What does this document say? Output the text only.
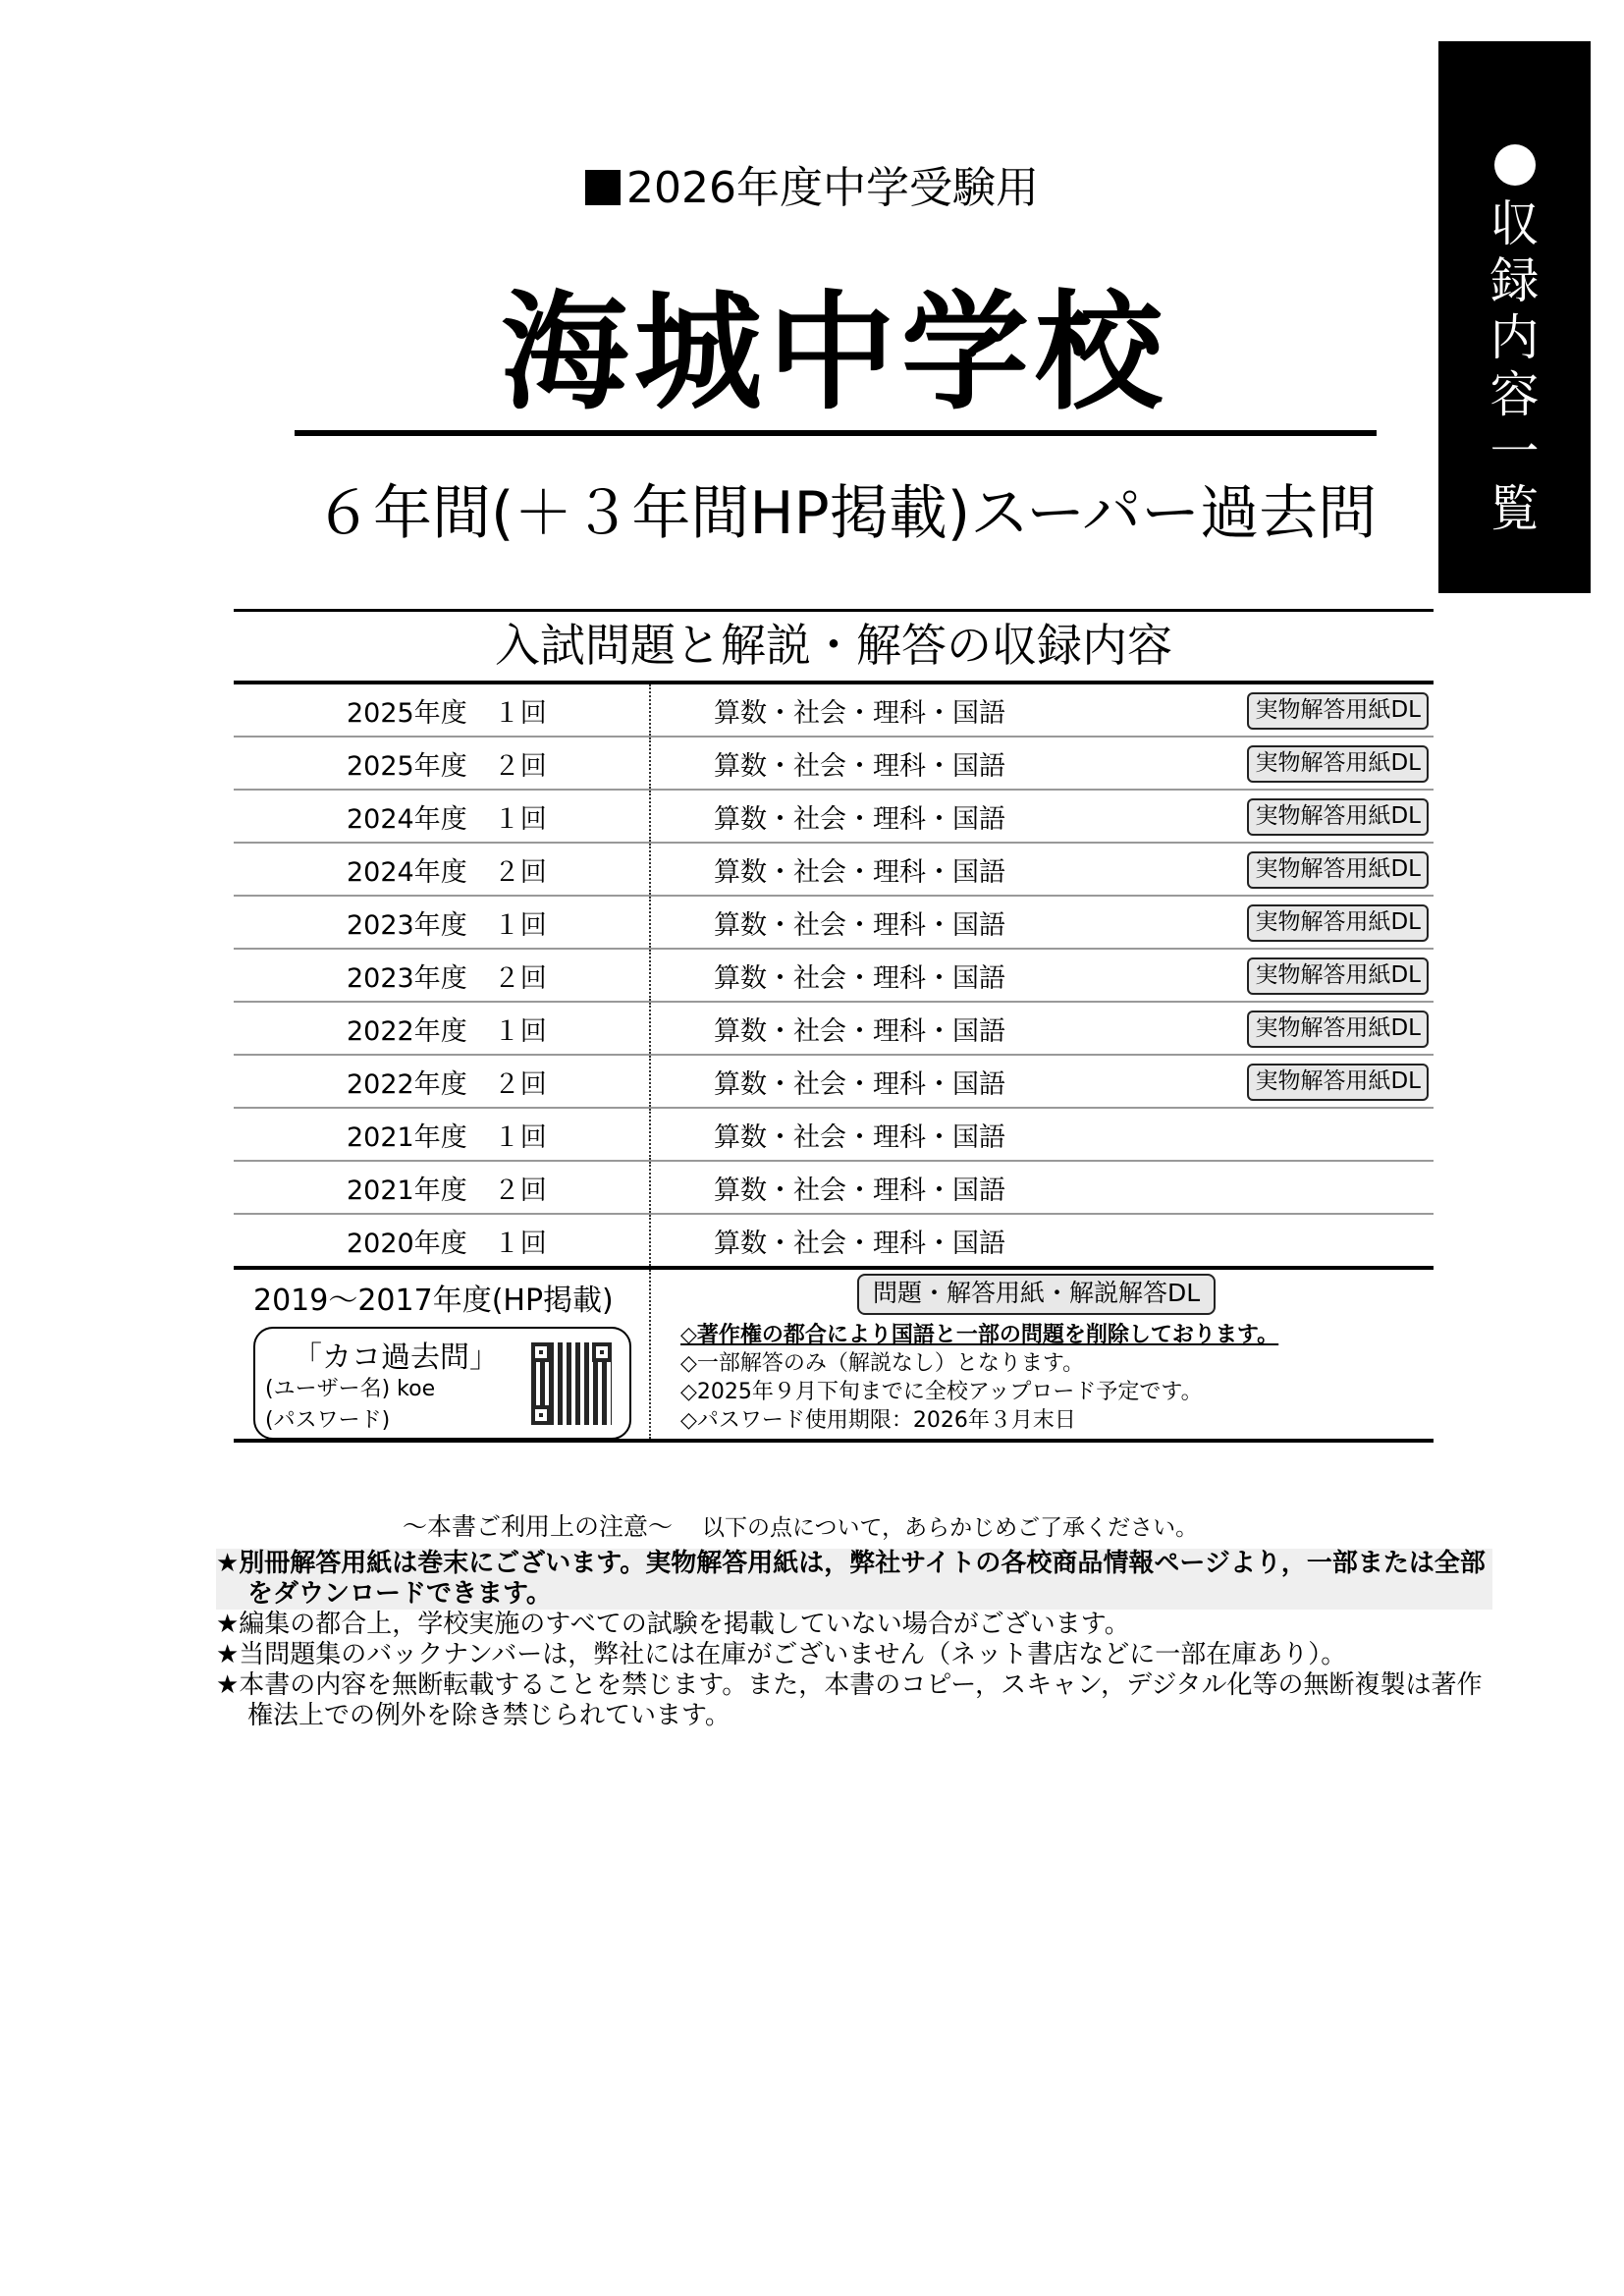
収
録
内
容
一
覧
2026年度中学受験用
海城中学校
６年間(＋３年間HP掲載)スーパー過去問
入試問題と解説・解答の収録内容
2025年度　１回	算数・社会・理科・国語	実物解答用紙DL
2025年度　２回	算数・社会・理科・国語	実物解答用紙DL
2024年度　１回	算数・社会・理科・国語	実物解答用紙DL
2024年度　２回	算数・社会・理科・国語	実物解答用紙DL
2023年度　１回	算数・社会・理科・国語	実物解答用紙DL
2023年度　２回	算数・社会・理科・国語	実物解答用紙DL
2022年度　１回	算数・社会・理科・国語	実物解答用紙DL
2022年度　２回	算数・社会・理科・国語	実物解答用紙DL
2021年度　１回	算数・社会・理科・国語
2021年度　２回	算数・社会・理科・国語
2020年度　１回	算数・社会・理科・国語
2019～2017年度(HP掲載)
「カコ過去問」
(ユーザー名) koe
(パスワード)
問題・解答用紙・解説解答DL
◇著作権の都合により国語と一部の問題を削除しております。
◇一部解答のみ（解説なし）となります。
◇2025年９月下旬までに全校アップロード予定です。
◇パスワード使用期限：2026年３月末日
～本書ご利用上の注意～ 以下の点について，あらかじめご了承ください。
★別冊解答用紙は巻末にございます。実物解答用紙は，弊社サイトの各校商品情報ページより，一部または全部をダウンロードできます。
★編集の都合上，学校実施のすべての試験を掲載していない場合がございます。
★当問題集のバックナンバーは，弊社には在庫がございません（ネット書店などに一部在庫あり）。
★本書の内容を無断転載することを禁じます。また，本書のコピー，スキャン，デジタル化等の無断複製は著作権法上での例外を除き禁じられています。
